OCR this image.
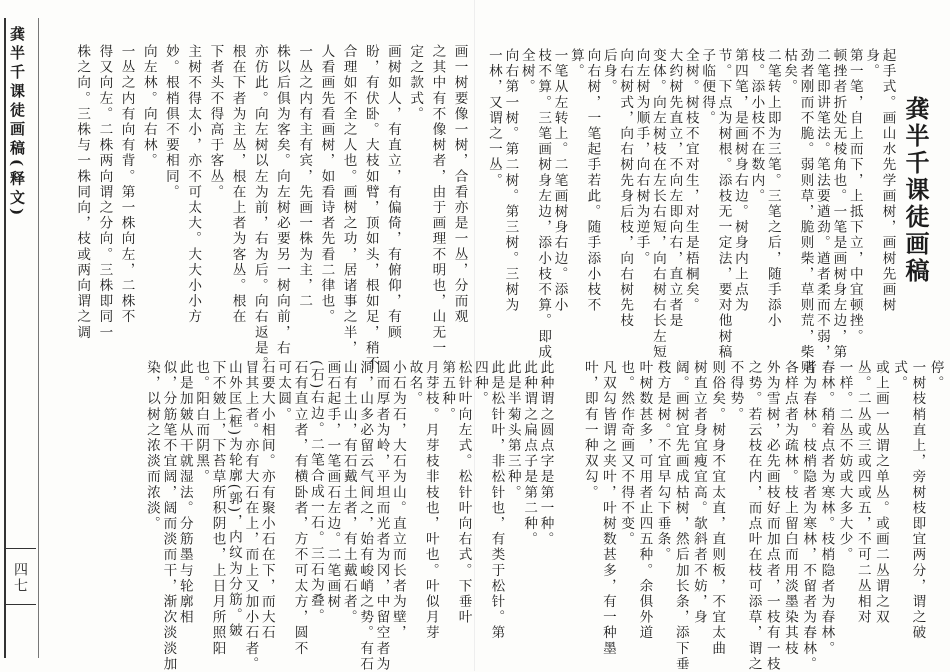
龚半千课徒画稿(释文)
四七
龚半千课徒画稿
起手式。画山水先学画树，画树先画树
身。
第一笔，自上而下，上抵下立，中宜顿挫。
顿挫者折处无棱角也。一笔是画树身左边，第
二笔即讲笔法。笔法要遒劲。遒者柔而不弱，
劲者刚而不脆。弱则草，脆则柴，草则荒，柴则
枯矣。
二笔转上即为三笔。三笔之后，随手添小
枝。添小枝不在数内。
第四笔，是画树身右边。树身内上点为
节。下点为树根。添枝无一定法，要对他树稿
子临便得。
全树。树枝不宜对生，对生是梧桐矣。
大约树先直立，不向左即向右，直立者是
变体。向左树枝在左长右短，向右树右长左短。
向左树为顺手，向右树为逆手。
向右树式，向右树先身后枝，向右树先枝
后身。
向右树，一笔起手若此。随手添小枝不
算。
一笔从左转上。二笔画树身右边。添小
枝不算。三笔画树身左边，添小枝不算。即成
全树。
向右第一树。第二树。第三树。三树为
一林，又谓之一丛。
画一树要像一树，合看亦是一丛，分而观
之其中有不像树者，由于画理不明也，山无一
定之款式。
画树如人，有直立，有偏倚，有俯仰，有顾
盼，有伏卧。大枝如臂，顶如头，根如足，稍不
合理如不全之人也。画树之功，居诸事之半，
人看画先看画树，如看诗者先看二律也。
一丛之内有主有宾，先画一株为主，二
株以后俱为客矣。向左树必要另一树向前，右
亦仿此。向左树以左为前，右为后。向右返是。
根在下者为主丛，根在上者为客丛。根在
下者头不得高于客丛。
主树不得太小，亦不可太大。大大小小方
妙。根梢俱不要相同。
向左林。向右林。
一丛之内有向有背。第一株向左，二株不
得又向左。二株两向谓之分向。三株即同一
株之向。三株与一株同向，枝或两向谓之调
停。
一树枝梢直上，旁树枝即宜两分，谓之破
式。
或上画一丛谓之单丛。或画二丛谓之双
丛。二丛或三或四或五，不可二丛相对
一样。二丛不妨或大多大少。
春林。稍着点者为寒林。枝梢隐者为春林。
者为春林。枝梢隐者为寒林，不留者为春林。
各样点者为疏林。枝上留白而用淡墨染其枝
外为雪树，必先画枝好而加点者，一枝有一枝
之势。若云枝在内，而点叶在枝可添草，谓之
不得势。
则俗矣。树身不宜太直，直则板，不宜太曲
树直立者身宜瘦宜高。欹斜者不妨，身
阔。画树宜先画成枯树，然后加长条，添下垂
枝方是树。不宜早勾下垂条。
叶树数甚多，可用者止四五种。余俱外道
也。然作奇画又不得不变。
凡双勾皆谓之夹叶，叶树数甚多，有一种墨
叶，即有一种双勾。
此种谓之圆点字是第一种。
此种谓之扁点子是第二种。
此是半菊头第三种。
此是松针叶，非松针也，有类于松针。第
四种。
松针叶向左式。松针叶向右式。下垂叶
第五种。
月芽枝。月芽枝非枝也，叶也。叶似月芽
故名。
小石为石，大石为山。直立而长者为壁，
圆而厚者为岭，平坦而光者为冈，中留空者为
洞，山多必留云气间之，始有峻峭之势。有石
山有土山，有石戴土者，有土戴石者。
画石起手，一笔画石左边。二笔画树
(石)右边。二笔合成一石。三石为叠。
石有直立者，有横卧者，方不可太方，圆不
可太圆。
石要大小相间。亦有聚小石在下，而大石
冒其上者。亦有大石在上，而上又加小石者。
山外匡(框)为轮廓(郭)，内纹为分筋。皴
下不皴上，下苔草所积阴也，上日月所照阳
也。阳白而阴黑。
此是加皴从干就湿法。分筋墨与轮廓相
似，分筋笔不宜阔，阔而淡而干，渐次淡淡加
染，以树之浓淡而浓淡。
